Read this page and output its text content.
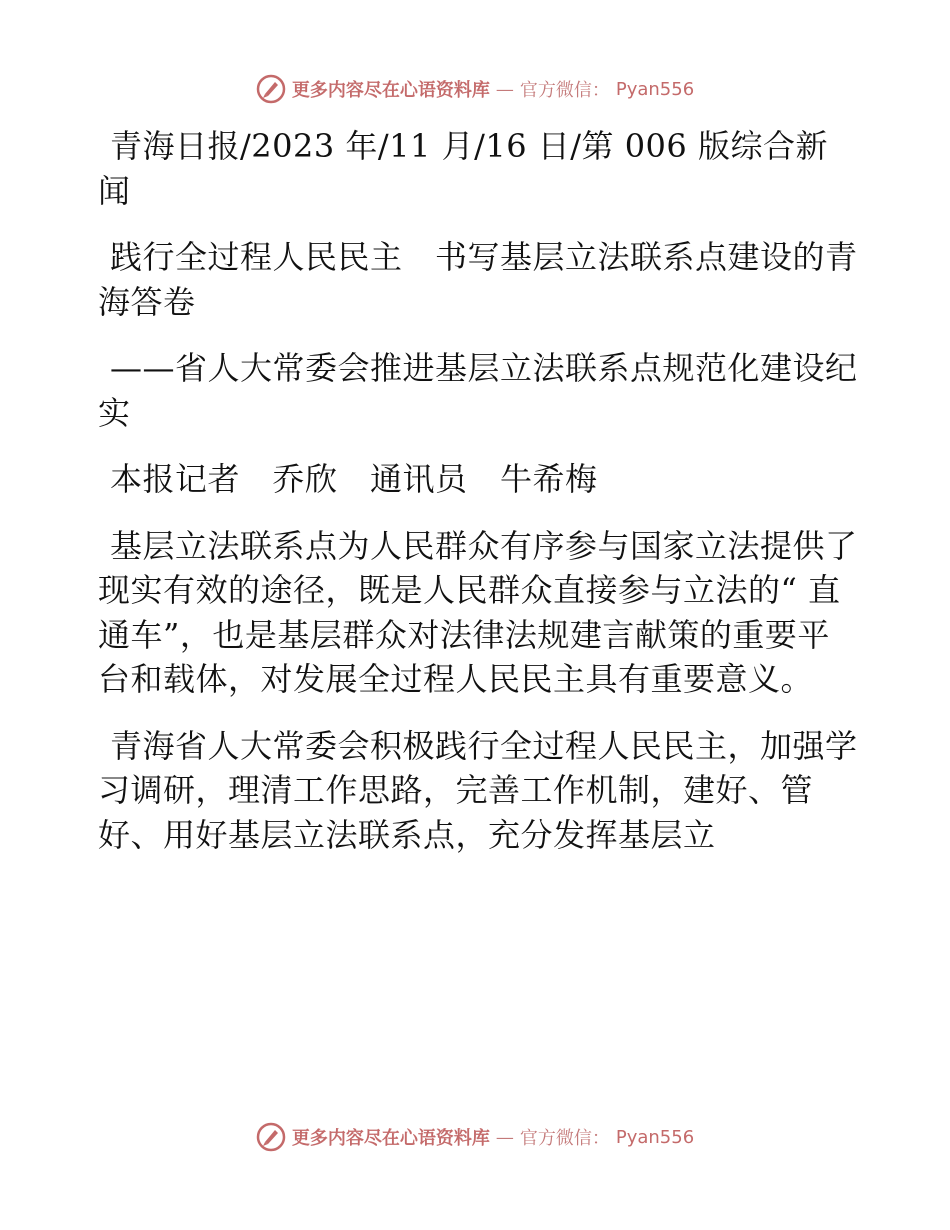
更多内容尽在心语资料库 — 官方微信： Pyan556

青海日报/2023 年/11 月/16 日/第 006 版综合新闻

践行全过程人民民主　书写基层立法联系点建设的青海答卷

——省人大常委会推进基层立法联系点规范化建设纪实

本报记者　乔欣　通讯员　牛希梅

基层立法联系点为人民群众有序参与国家立法提供了现实有效的途径，既是人民群众直接参与立法的“ 直通车”，也是基层群众对法律法规建言献策的重要平台和载体，对发展全过程人民民主具有重要意义。

青海省人大常委会积极践行全过程人民民主，加强学习调研，理清工作思路，完善工作机制，建好、管好、用好基层立法联系点，充分发挥基层立

更多内容尽在心语资料库 — 官方微信： Pyan556
